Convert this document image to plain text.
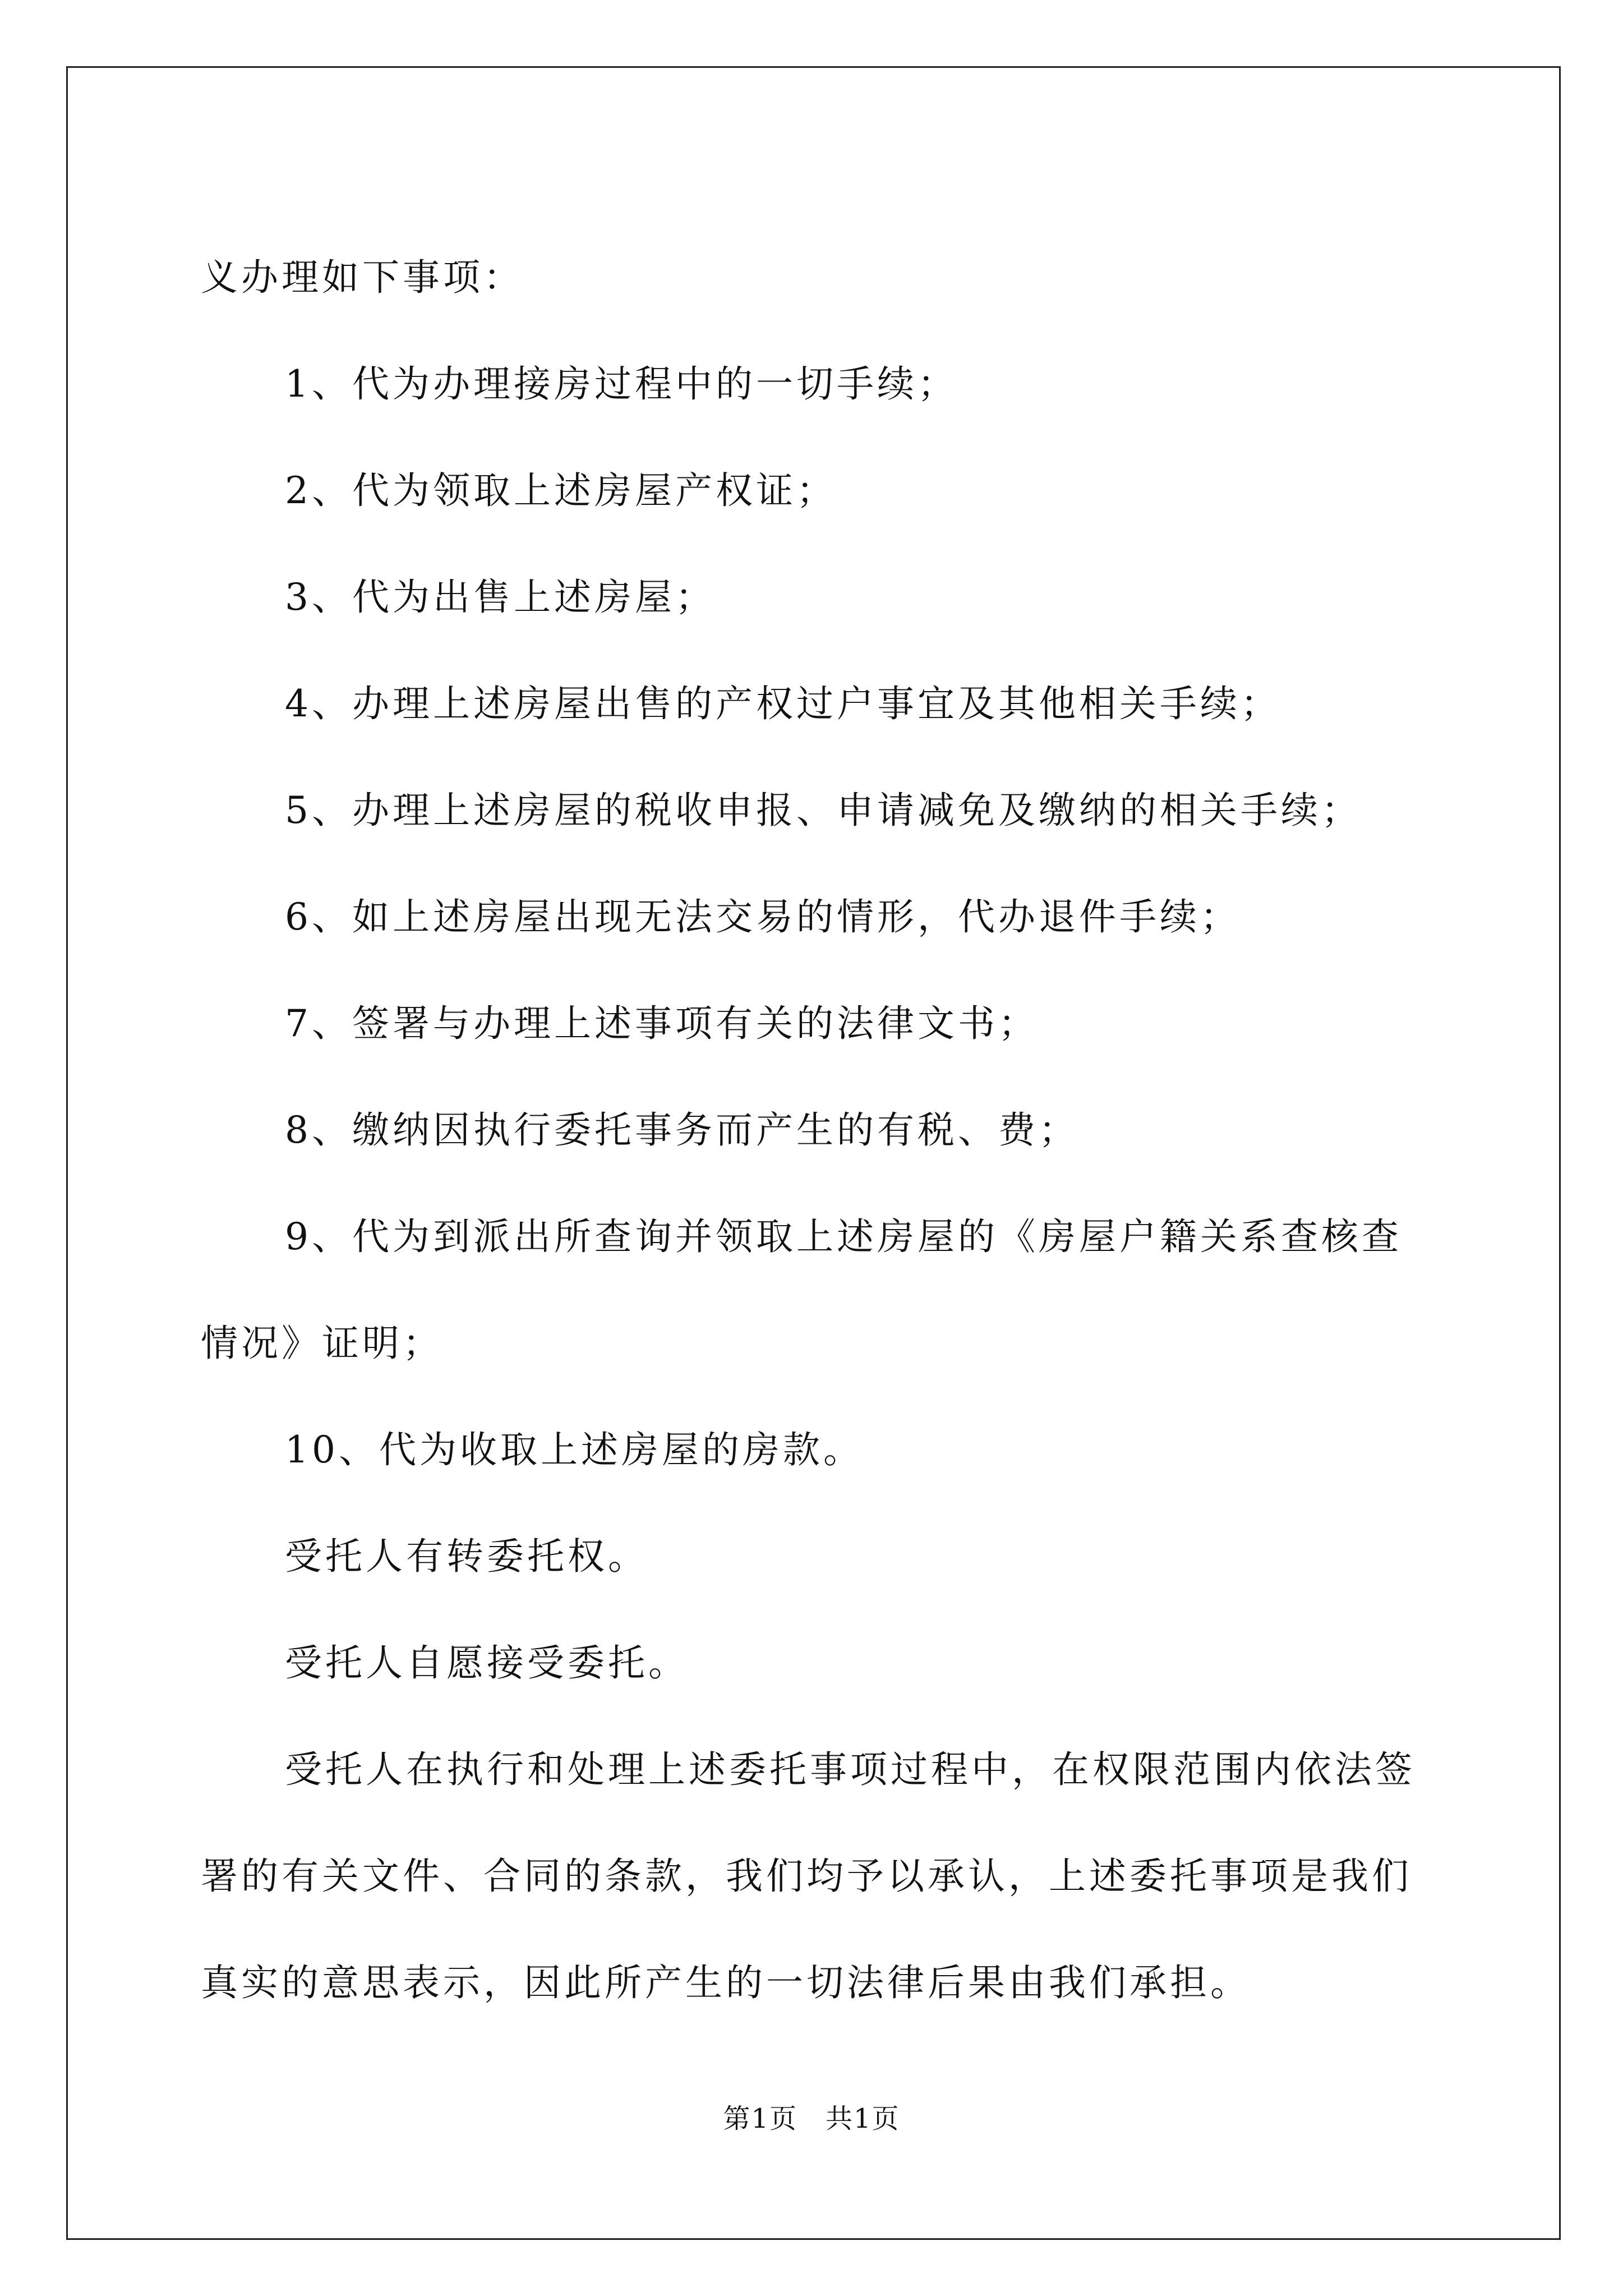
义办理如下事项：

1、代为办理接房过程中的一切手续；

2、代为领取上述房屋产权证；

3、代为出售上述房屋；

4、办理上述房屋出售的产权过户事宜及其他相关手续；

5、办理上述房屋的税收申报、申请减免及缴纳的相关手续；

6、如上述房屋出现无法交易的情形，代办退件手续；

7、签署与办理上述事项有关的法律文书；

8、缴纳因执行委托事务而产生的有税、费；

9、代为到派出所查询并领取上述房屋的《房屋户籍关系查核查情况》证明；

10、代为收取上述房屋的房款。

受托人有转委托权。

受托人自愿接受委托。

受托人在执行和处理上述委托事项过程中，在权限范围内依法签署的有关文件、合同的条款，我们均予以承认，上述委托事项是我们真实的意思表示，因此所产生的一切法律后果由我们承担。

第1页 共1页
